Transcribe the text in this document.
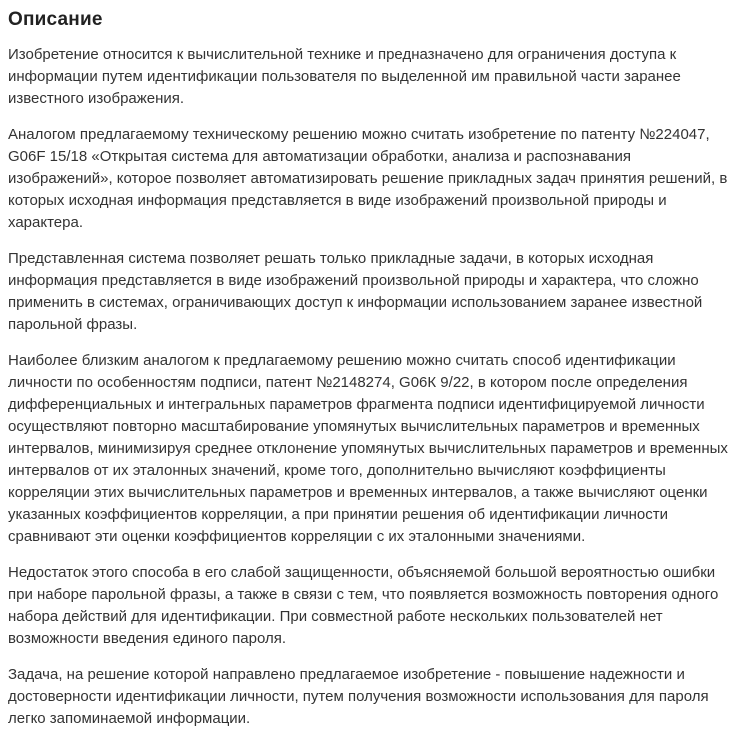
Описание

Изобретение относится к вычислительной технике и предназначено для ограничения доступа к информации путем идентификации пользователя по выделенной им правильной части заранее известного изображения.

Аналогом предлагаемому техническому решению можно считать изобретение по патенту №224047, G06F 15/18 «Открытая система для автоматизации обработки, анализа и распознавания изображений», которое позволяет автоматизировать решение прикладных задач принятия решений, в которых исходная информация представляется в виде изображений произвольной природы и характера.

Представленная система позволяет решать только прикладные задачи, в которых исходная информация представляется в виде изображений произвольной природы и характера, что сложно применить в системах, ограничивающих доступ к информации использованием заранее известной парольной фразы.

Наиболее близким аналогом к предлагаемому решению можно считать способ идентификации личности по особенностям подписи, патент №2148274, G06К 9/22, в котором после определения дифференциальных и интегральных параметров фрагмента подписи идентифицируемой личности осуществляют повторно масштабирование упомянутых вычислительных параметров и временных интервалов, минимизируя среднее отклонение упомянутых вычислительных параметров и временных интервалов от их эталонных значений, кроме того, дополнительно вычисляют коэффициенты корреляции этих вычислительных параметров и временных интервалов, а также вычисляют оценки указанных коэффициентов корреляции, а при принятии решения об идентификации личности сравнивают эти оценки коэффициентов корреляции с их эталонными значениями.

Недостаток этого способа в его слабой защищенности, объясняемой большой вероятностью ошибки при наборе парольной фразы, а также в связи с тем, что появляется возможность повторения одного набора действий для идентификации. При совместной работе нескольких пользователей нет возможности введения единого пароля.

Задача, на решение которой направлено предлагаемое изобретение - повышение надежности и достоверности идентификации личности, путем получения возможности использования для пароля легко запоминаемой информации.
